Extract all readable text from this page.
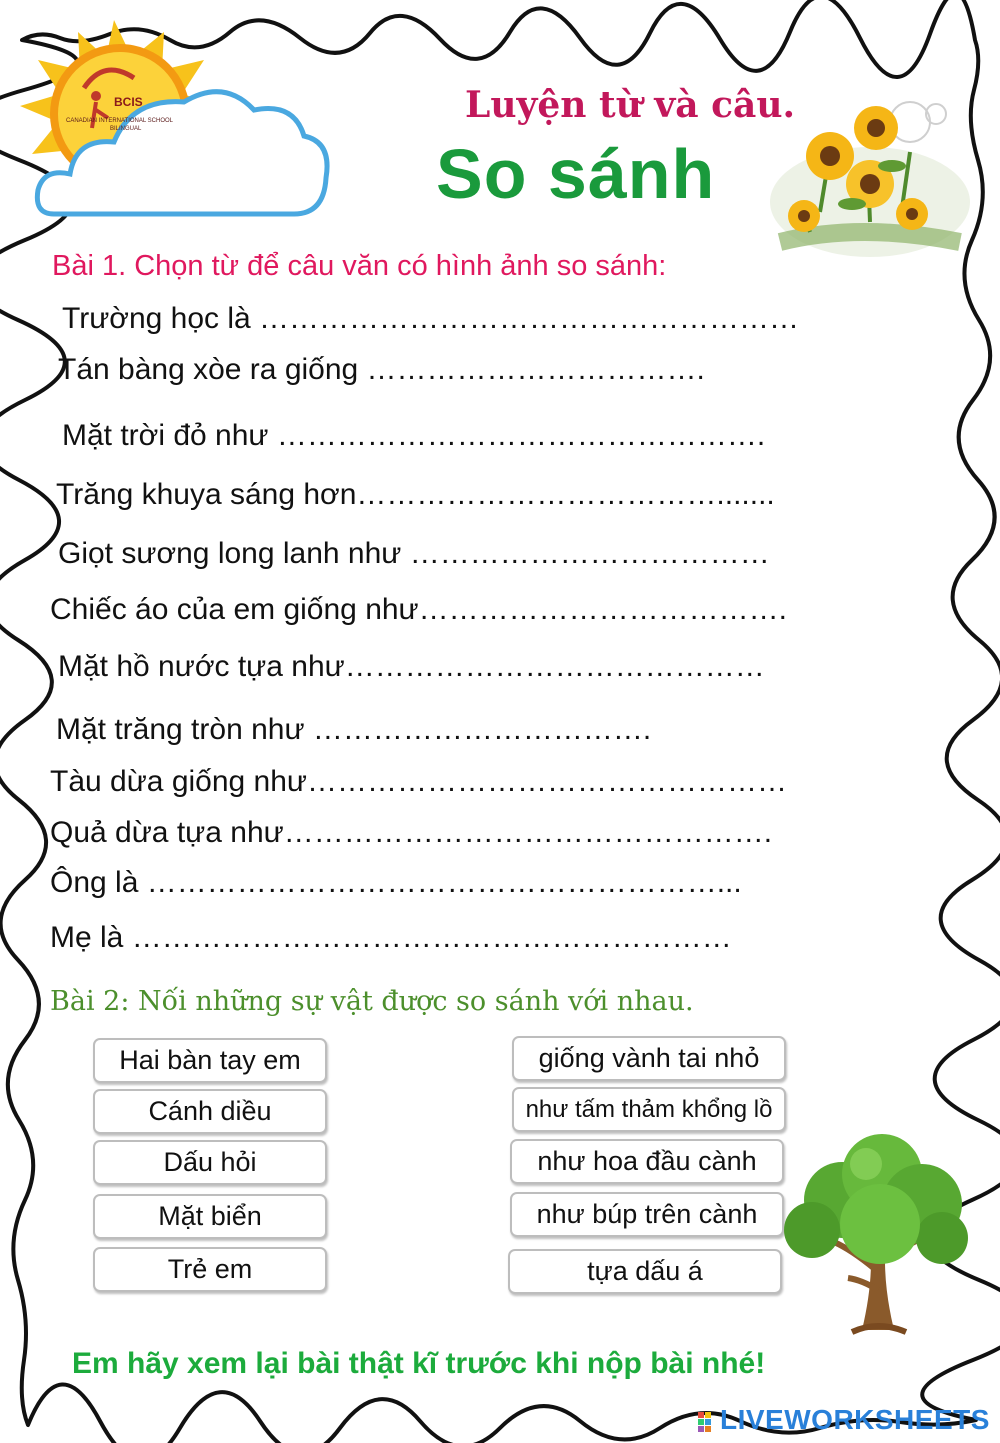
BCIS
CANADIAN INTERNATIONAL SCHOOL
BILINGUAL
Luyện từ và câu.
So sánh
Bài 1. Chọn từ để câu văn có hình ảnh so sánh:
Trường học là ………………………………………………
Tán bàng xòe ra giống …………………………….
Mặt trời đỏ như ………………………………………….
Trăng khuya sáng hơn……………………………….......
Giọt sương long lanh như ………………………………
Chiếc áo của em giống như……………………………….
Mặt hồ nước tựa như……………………………………
Mặt trăng tròn như …………………………….
Tàu dừa giống như…………………………………………
Quả dừa tựa như………………………………………….
Ông là …………………………………………………...
Mẹ là ……………………………………………………
Bài 2: Nối những sự vật được so sánh với nhau.
Hai bàn tay em
Cánh diều
Dấu hỏi
Mặt biển
Trẻ em
giống vành tai nhỏ
như tấm thảm khổng lồ
như hoa đầu cành
như búp trên cành
tựa dấu á
Em hãy xem lại bài thật kĩ trước khi nộp bài nhé!
LIVEWORKSHEETS
